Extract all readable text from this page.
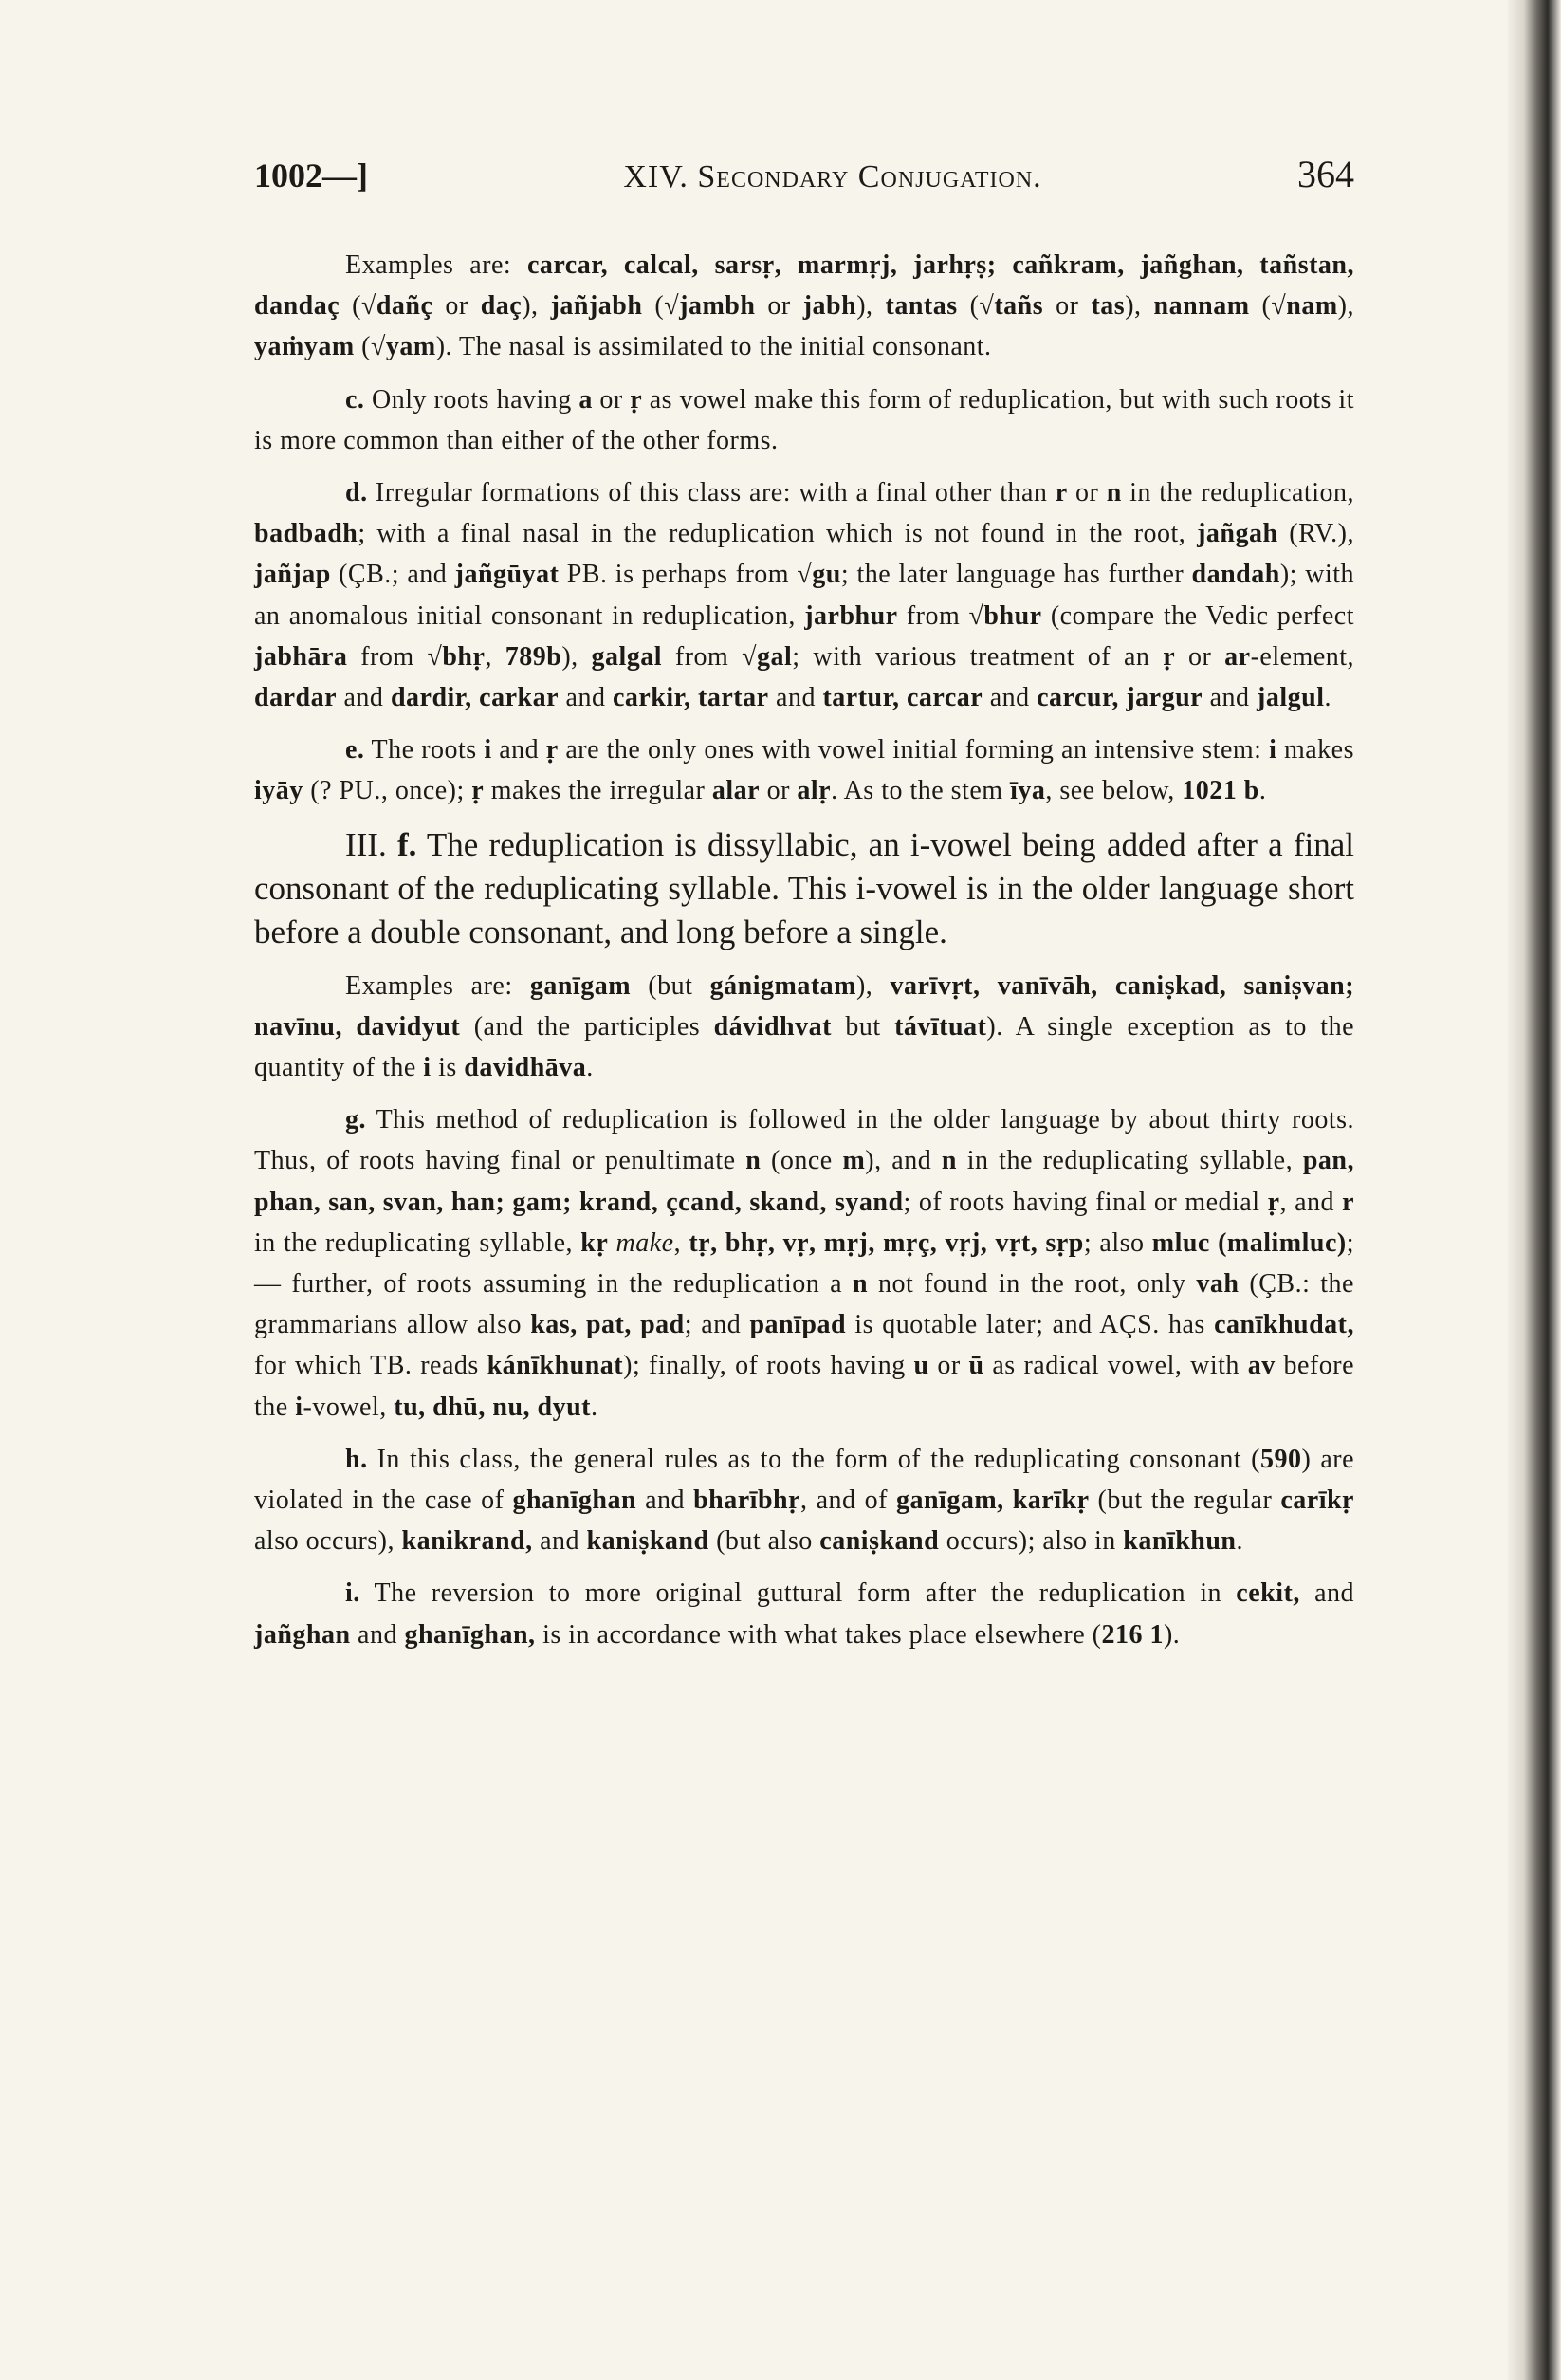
1002—]	XIV. Secondary Conjugation.	364

Examples are: carcar, calcal, sarsṛ, marmṛj, jarhṛṣ; cañkram, jañghan, tañstan, dandaç (√dañç or daç), jañjabh (√jambh or jabh), tantas (√tañs or tas), nannam (√nam), yaṁyam (√yam). The nasal is assimilated to the initial consonant.

c. Only roots having a or ṛ as vowel make this form of reduplication, but with such roots it is more common than either of the other forms.

d. Irregular formations of this class are: with a final other than r or n in the reduplication, badbadh; with a final nasal in the reduplication which is not found in the root, jañgah (RV.), jañjap (ÇB.; and jañgūyat PB. is perhaps from √gu; the later language has further dandah); with an anomalous initial consonant in reduplication, jarbhur from √bhur (compare the Vedic perfect jabhāra from √bhṛ, 789b), galgal from √gal; with various treatment of an ṛ or ar-element, dardar and dardir, carkar and carkir, tartar and tartur, carcar and carcur, jargur and jalgul.

e. The roots i and ṛ are the only ones with vowel initial forming an intensive stem: i makes iyāy (? PU., once); ṛ makes the irregular alar or alṛ. As to the stem īya, see below, 1021 b.

III. f. The reduplication is dissyllabic, an i-vowel being added after a final consonant of the reduplicating syllable. This i-vowel is in the older language short before a double consonant, and long before a single.

Examples are: ganīgam (but gánigmatam), varīvṛt, vanīvāh, caniṣkad, saniṣvan; navīnu, davidyut (and the participles dávidhvat but távītuat). A single exception as to the quantity of the i is davidhāva.

g. This method of reduplication is followed in the older language by about thirty roots. Thus, of roots having final or penultimate n (once m), and n in the reduplicating syllable, pan, phan, san, svan, han; gam; krand, çcand, skand, syand; of roots having final or medial ṛ, and r in the reduplicating syllable, kṛ make, tṛ, bhṛ, vṛ, mṛj, mṛç, vṛj, vṛt, sṛp; also mluc (malimluc); — further, of roots assuming in the reduplication a n not found in the root, only vah (ÇB.: the grammarians allow also kas, pat, pad; and panīpad is quotable later; and AÇS. has canīkhudat, for which TB. reads kánīkhunat); finally, of roots having u or ū as radical vowel, with av before the i-vowel, tu, dhū, nu, dyut.

h. In this class, the general rules as to the form of the reduplicating consonant (590) are violated in the case of ghanīghan and bharībhṛ, and of ganīgam, karīkṛ (but the regular carīkṛ also occurs), kanikrand, and kaniṣkand (but also caniṣkand occurs); also in kanīkhun.

i. The reversion to more original guttural form after the reduplication in cekit, and jañghan and ghanīghan, is in accordance with what takes place elsewhere (216 1).
